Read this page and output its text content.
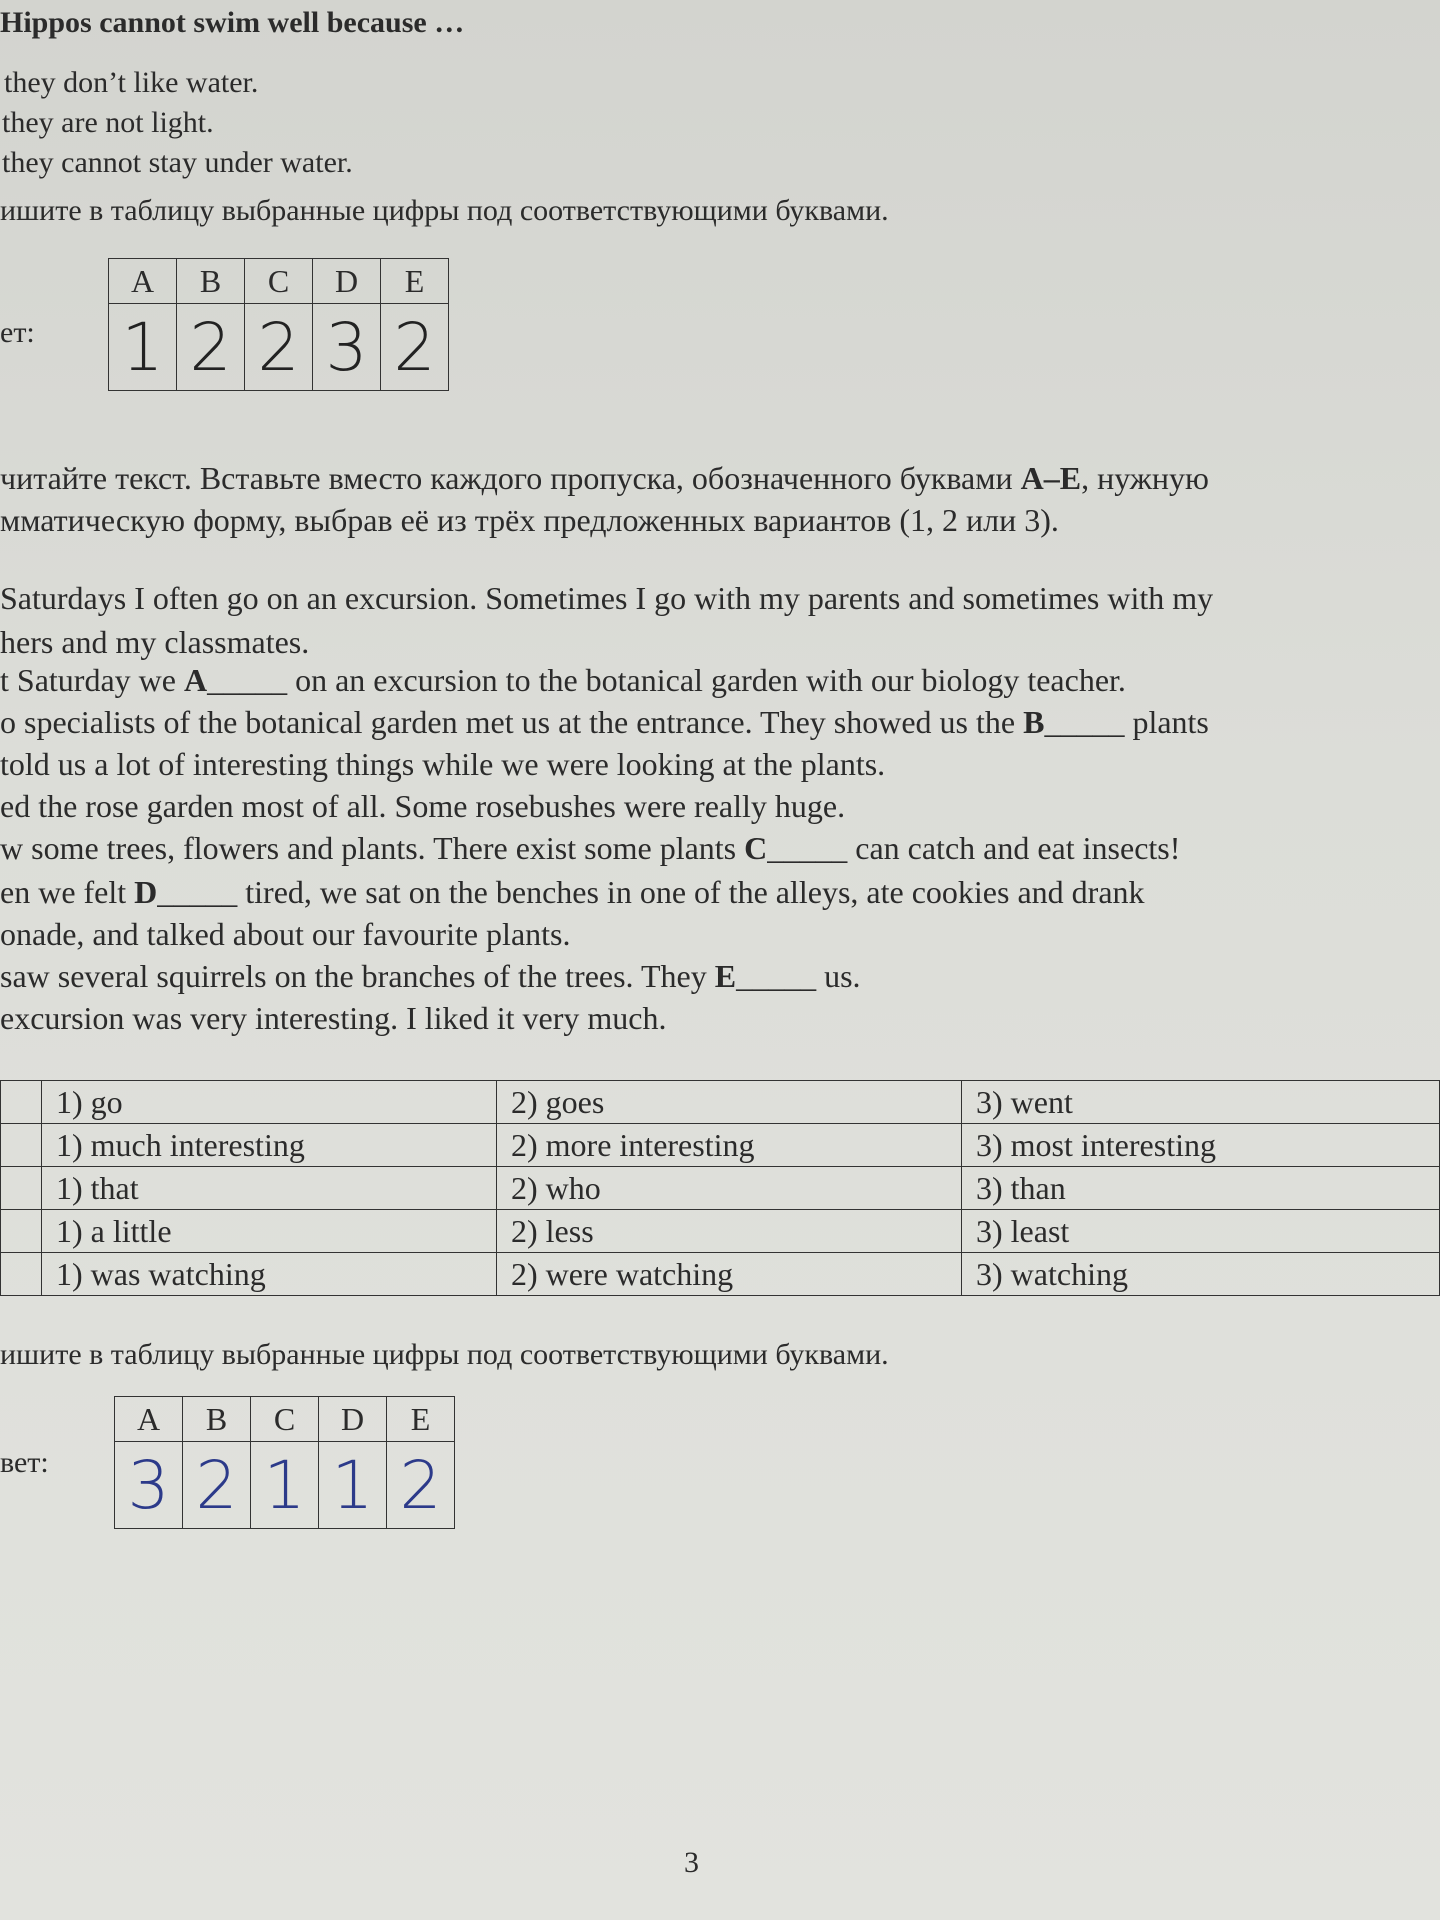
Hippos cannot swim well because …
they don’t like water.
they are not light.
they cannot stay under water.
ишите в таблицу выбранные цифры под соответствующими буквами.
ет:
A	B	C	D	E
1	2	2	3	2
читайте текст. Вставьте вместо каждого пропуска, обозначенного буквами A–E, нужную
мматическую форму, выбрав её из трёх предложенных вариантов (1, 2 или 3).
Saturdays I often go on an excursion. Sometimes I go with my parents and sometimes with my
hers and my classmates.
t Saturday we A_____ on an excursion to the botanical garden with our biology teacher.
o specialists of the botanical garden met us at the entrance. They showed us the B_____ plants
told us a lot of interesting things while we were looking at the plants.
ed the rose garden most of all. Some rosebushes were really huge.
w some trees, flowers and plants. There exist some plants C_____ can catch and eat insects!
en we felt D_____ tired, we sat on the benches in one of the alleys, ate cookies and drank
onade, and talked about our favourite plants.
saw several squirrels on the branches of the trees. They E_____ us.
excursion was very interesting. I liked it very much.
	1) go	2) goes	3) went
	1) much interesting	2) more interesting	3) most interesting
	1) that	2) who	3) than
	1) a little	2) less	3) least
	1) was watching	2) were watching	3) watching
ишите в таблицу выбранные цифры под соответствующими буквами.
вет:
A	B	C	D	E
3	2	1	1	2
3
